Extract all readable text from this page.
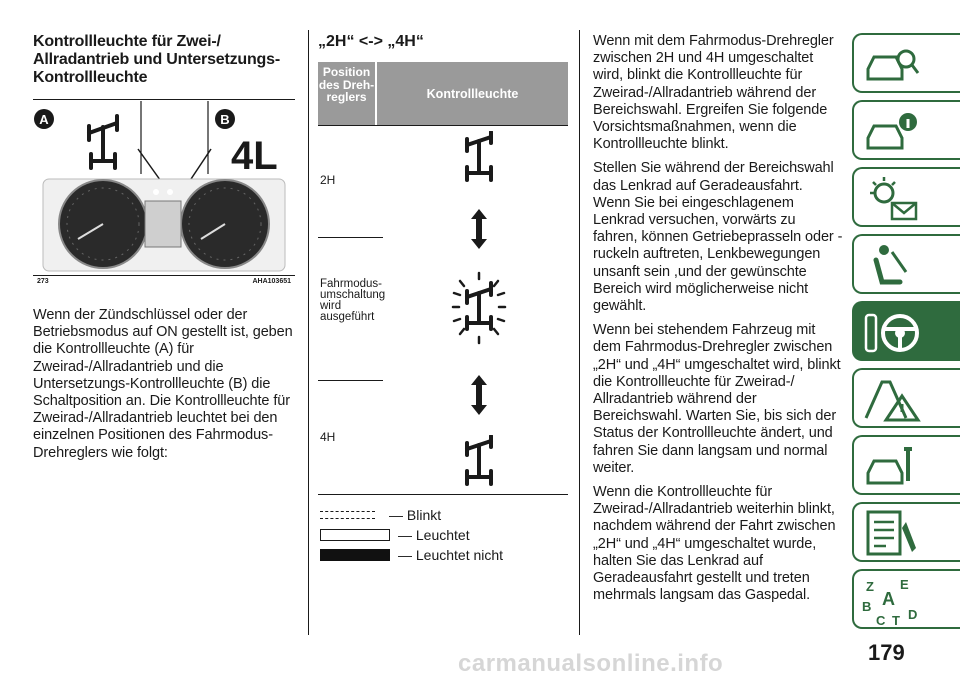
Kontrollleuchte für Zwei-/ Allradantrieb und Untersetzungs- Kontrollleuchte
A	B
4L
273	AHA103651

Wenn der Zündschlüssel oder der Betriebsmodus auf ON gestellt ist, geben die Kontrollleuchte (A) für Zweirad-/Allradantrieb und die Untersetzungs-Kontrollleuchte (B) die Schaltposition an. Die Kontrollleuchte für Zweirad-/Allradantrieb leuchtet bei den einzelnen Positionen des Fahrmodus-Drehreglers wie folgt:

„2H“ <-> „4H“
Position des Dreh- reglers	Kontrollleuchte
2H
Fahrmodus- umschaltung wird ausgeführt
4H
— Blinkt
— Leuchtet
— Leuchtet nicht

Wenn mit dem Fahrmodus-Drehregler zwischen 2H und 4H umgeschaltet wird, blinkt die Kontrollleuchte für Zweirad-/Allradantrieb während der Bereichswahl. Ergreifen Sie folgende Vorsichtsmaßnahmen, wenn die Kontrollleuchte blinkt.

Stellen Sie während der Bereichswahl das Lenkrad auf Geradeausfahrt. Wenn Sie bei eingeschlagenem Lenkrad versuchen, vorwärts zu fahren, können Getriebeprasseln oder -ruckeln auftreten, Lenkbewegungen unsanft sein ,und der gewünschte Bereich wird möglicherweise nicht gewählt.

Wenn bei stehendem Fahrzeug mit dem Fahrmodus-Drehregler zwischen „2H“ und „4H“ umgeschaltet wird, blinkt die Kontrollleuchte für Zweirad-/ Allradantrieb während der Bereichswahl. Warten Sie, bis sich der Status der Kontrollleuchte ändert, und fahren Sie dann langsam und normal weiter.

Wenn die Kontrollleuchte für Zweirad-/Allradantrieb weiterhin blinkt, nachdem während der Fahrt zwischen „2H“ und „4H“ umgeschaltet wurde, halten Sie das Lenkrad auf Geradeausfahrt gestellt und treten mehrmals langsam das Gaspedal.

Z E
B A
C T D
179
carmanualsonline.info
